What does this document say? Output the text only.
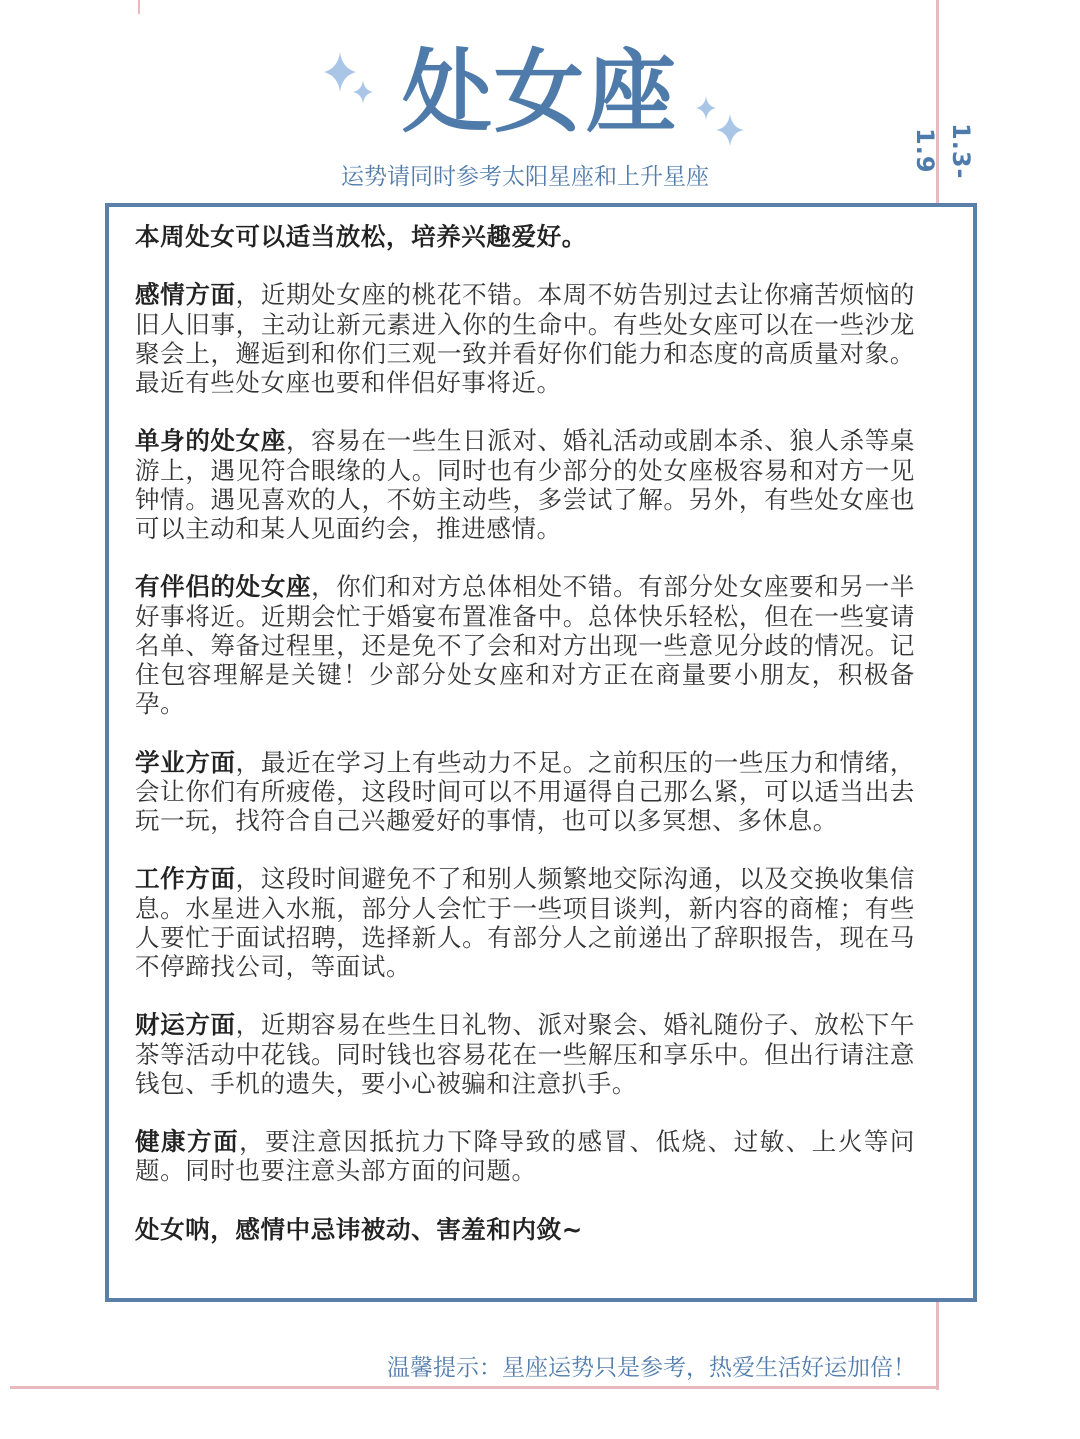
处女座
运势请同时参考太阳星座和上升星座	1.3-1.9

本周处女可以适当放松，培养兴趣爱好。

感情方面，近期处女座的桃花不错。本周不妨告别过去让你痛苦烦恼的旧人旧事，主动让新元素进入你的生命中。有些处女座可以在一些沙龙聚会上，邂逅到和你们三观一致并看好你们能力和态度的高质量对象。最近有些处女座也要和伴侣好事将近。

单身的处女座，容易在一些生日派对、婚礼活动或剧本杀、狼人杀等桌游上，遇见符合眼缘的人。同时也有少部分的处女座极容易和对方一见钟情。遇见喜欢的人，不妨主动些，多尝试了解。另外，有些处女座也可以主动和某人见面约会，推进感情。

有伴侣的处女座，你们和对方总体相处不错。有部分处女座要和另一半好事将近。近期会忙于婚宴布置准备中。总体快乐轻松，但在一些宴请名单、筹备过程里，还是免不了会和对方出现一些意见分歧的情况。记住包容理解是关键！少部分处女座和对方正在商量要小朋友，积极备孕。

学业方面，最近在学习上有些动力不足。之前积压的一些压力和情绪，会让你们有所疲倦，这段时间可以不用逼得自己那么紧，可以适当出去玩一玩，找符合自己兴趣爱好的事情，也可以多冥想、多休息。

工作方面，这段时间避免不了和别人频繁地交际沟通，以及交换收集信息。水星进入水瓶，部分人会忙于一些项目谈判，新内容的商榷；有些人要忙于面试招聘，选择新人。有部分人之前递出了辞职报告，现在马不停蹄找公司，等面试。

财运方面，近期容易在些生日礼物、派对聚会、婚礼随份子、放松下午茶等活动中花钱。同时钱也容易花在一些解压和享乐中。但出行请注意钱包、手机的遗失，要小心被骗和注意扒手。

健康方面，要注意因抵抗力下降导致的感冒、低烧、过敏、上火等问题。同时也要注意头部方面的问题。

处女呐，感情中忌讳被动、害羞和内敛~

温馨提示：星座运势只是参考，热爱生活好运加倍！
